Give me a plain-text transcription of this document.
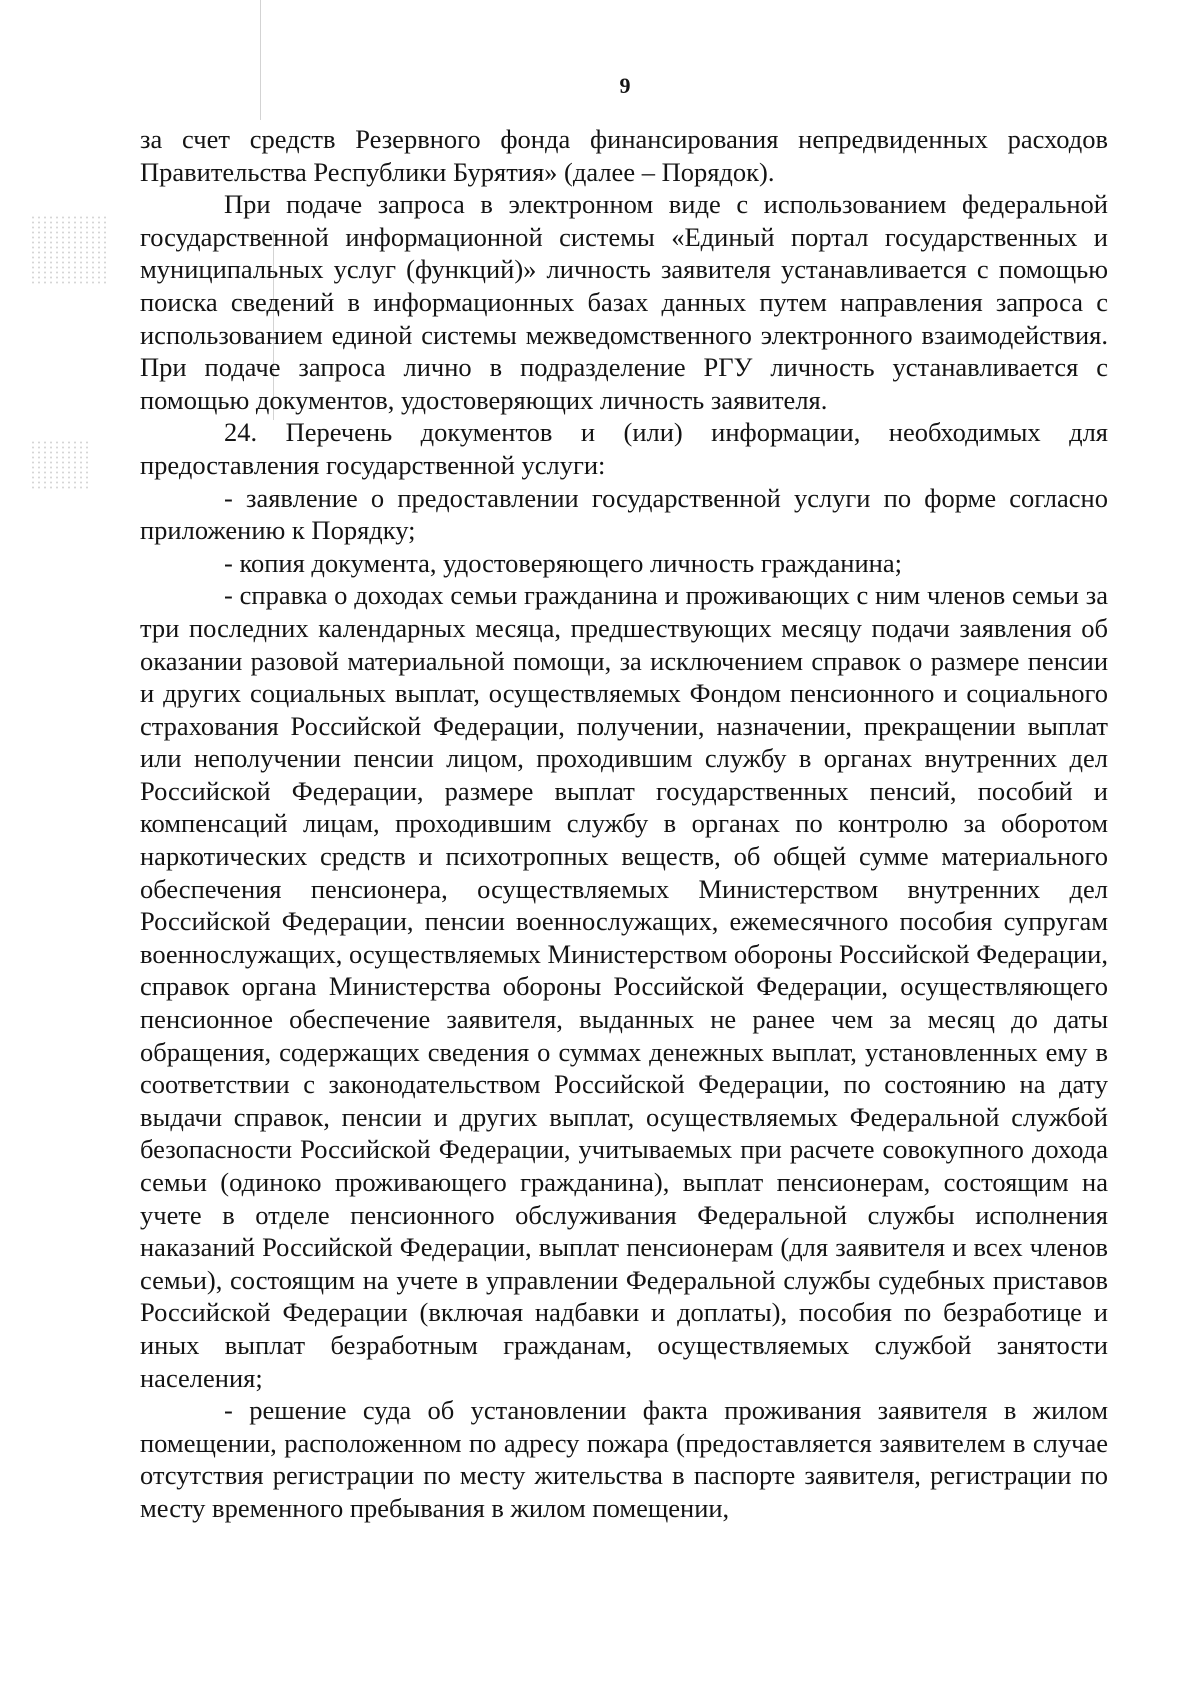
9

за счет средств Резервного фонда финансирования непредвиденных расходов Правительства Республики Бурятия» (далее – Порядок).

При подаче запроса в электронном виде с использованием федеральной государственной информационной системы «Единый портал государственных и муниципальных услуг (функций)» личность заявителя устанавливается с помощью поиска сведений в информационных базах данных путем направления запроса с использованием единой системы межведомственного электронного взаимодействия. При подаче запроса лично в подразделение РГУ личность устанавливается с помощью документов, удостоверяющих личность заявителя.

24. Перечень документов и (или) информации, необходимых для предоставления государственной услуги:

- заявление о предоставлении государственной услуги по форме согласно приложению к Порядку;

- копия документа, удостоверяющего личность гражданина;

- справка о доходах семьи гражданина и проживающих с ним членов семьи за три последних календарных месяца, предшествующих месяцу подачи заявления об оказании разовой материальной помощи, за исключением справок о размере пенсии и других социальных выплат, осуществляемых Фондом пенсионного и социального страхования Российской Федерации, получении, назначении, прекращении выплат или неполучении пенсии лицом, проходившим службу в органах внутренних дел Российской Федерации, размере выплат государственных пенсий, пособий и компенсаций лицам, проходившим службу в органах по контролю за оборотом наркотических средств и психотропных веществ, об общей сумме материального обеспечения пенсионера, осуществляемых Министерством внутренних дел Российской Федерации, пенсии военнослужащих, ежемесячного пособия супругам военнослужащих, осуществляемых Министерством обороны Российской Федерации, справок органа Министерства обороны Российской Федерации, осуществляющего пенсионное обеспечение заявителя, выданных не ранее чем за месяц до даты обращения, содержащих сведения о суммах денежных выплат, установленных ему в соответствии с законодательством Российской Федерации, по состоянию на дату выдачи справок, пенсии и других выплат, осуществляемых Федеральной службой безопасности Российской Федерации, учитываемых при расчете совокупного дохода семьи (одиноко проживающего гражданина), выплат пенсионерам, состоящим на учете в отделе пенсионного обслуживания Федеральной службы исполнения наказаний Российской Федерации, выплат пенсионерам (для заявителя и всех членов семьи), состоящим на учете в управлении Федеральной службы судебных приставов Российской Федерации (включая надбавки и доплаты), пособия по безработице и иных выплат безработным гражданам, осуществляемых службой занятости населения;

- решение суда об установлении факта проживания заявителя в жилом помещении, расположенном по адресу пожара (предоставляется заявителем в случае отсутствия регистрации по месту жительства в паспорте заявителя, регистрации по месту временного пребывания в жилом помещении,
